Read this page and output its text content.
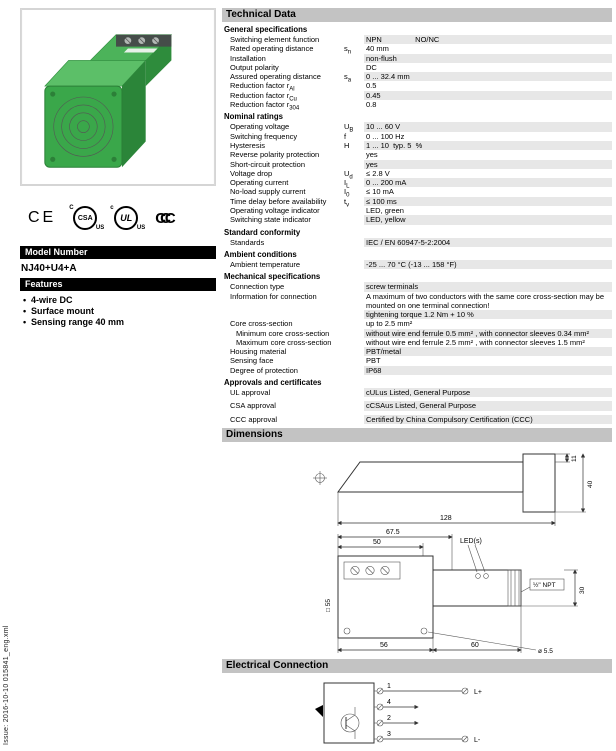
Issue: 2016-10-10 015841_eng.xml
CE	CSA
C
US
UL
c
US
CCC
Model Number
NJ40+U4+A
Features
• 4-wire DC
• Surface mount
• Sensing range 40 mm
Technical Data
General specifications
Switching element function	NPN                NO/NC
Rated operating distance	$s_n$	40 mm
Installation	non-flush
Output polarity	DC
Assured operating distance	$s_a$	0 ... 32.4 mm
Reduction factor $r_{Al}$	0.5
Reduction factor $r_{Cu}$	0.45
Reduction factor $r_{304}$	0.8
Nominal ratings
Operating voltage	$U_B$	10 ... 60 V
Switching frequency	f	0 ... 100 Hz
Hysteresis	H	1 ... 10  typ. 5  %
Reverse polarity protection	yes
Short-circuit protection	yes
Voltage drop	$U_d$	≤ 2.8 V
Operating current	$I_L$	0 ... 200 mA
No-load supply current	$I_0$	≤ 10 mA
Time delay before availability	$t_v$	≤ 100 ms
Operating voltage indicator	LED, green
Switching state indicator	LED, yellow
Standard conformity
Standards	IEC / EN 60947-5-2:2004
Ambient conditions
Ambient temperature	-25 ... 70 °C (-13 ... 158 °F)
Mechanical specifications
Connection type	screw terminals
Information for connection	A maximum of two conductors with the same core cross-section may be mounted on one terminal connection!
tightening torque 1.2 Nm + 10 %
Core cross-section	up to 2.5 mm²
Minimum core cross-section	without wire end ferrule 0.5 mm² , with connector sleeves 0.34 mm²
Maximum core cross-section	without wire end ferrule 2.5 mm² , with connector sleeves 1.5 mm²
Housing material	PBT/metal
Sensing face	PBT
Degree of protection	IP68
Approvals and certificates
UL approval	cULus Listed, General Purpose
CSA approval	cCSAus Listed, General Purpose
CCC approval	Certified by China Compulsory Certification (CCC)
Dimensions
11
40
128
67.5
50	LED(s)
□ 55
½" NPT
30
56	60
ø 5.5
Electrical Connection
1
4
2
3
L+
L-
